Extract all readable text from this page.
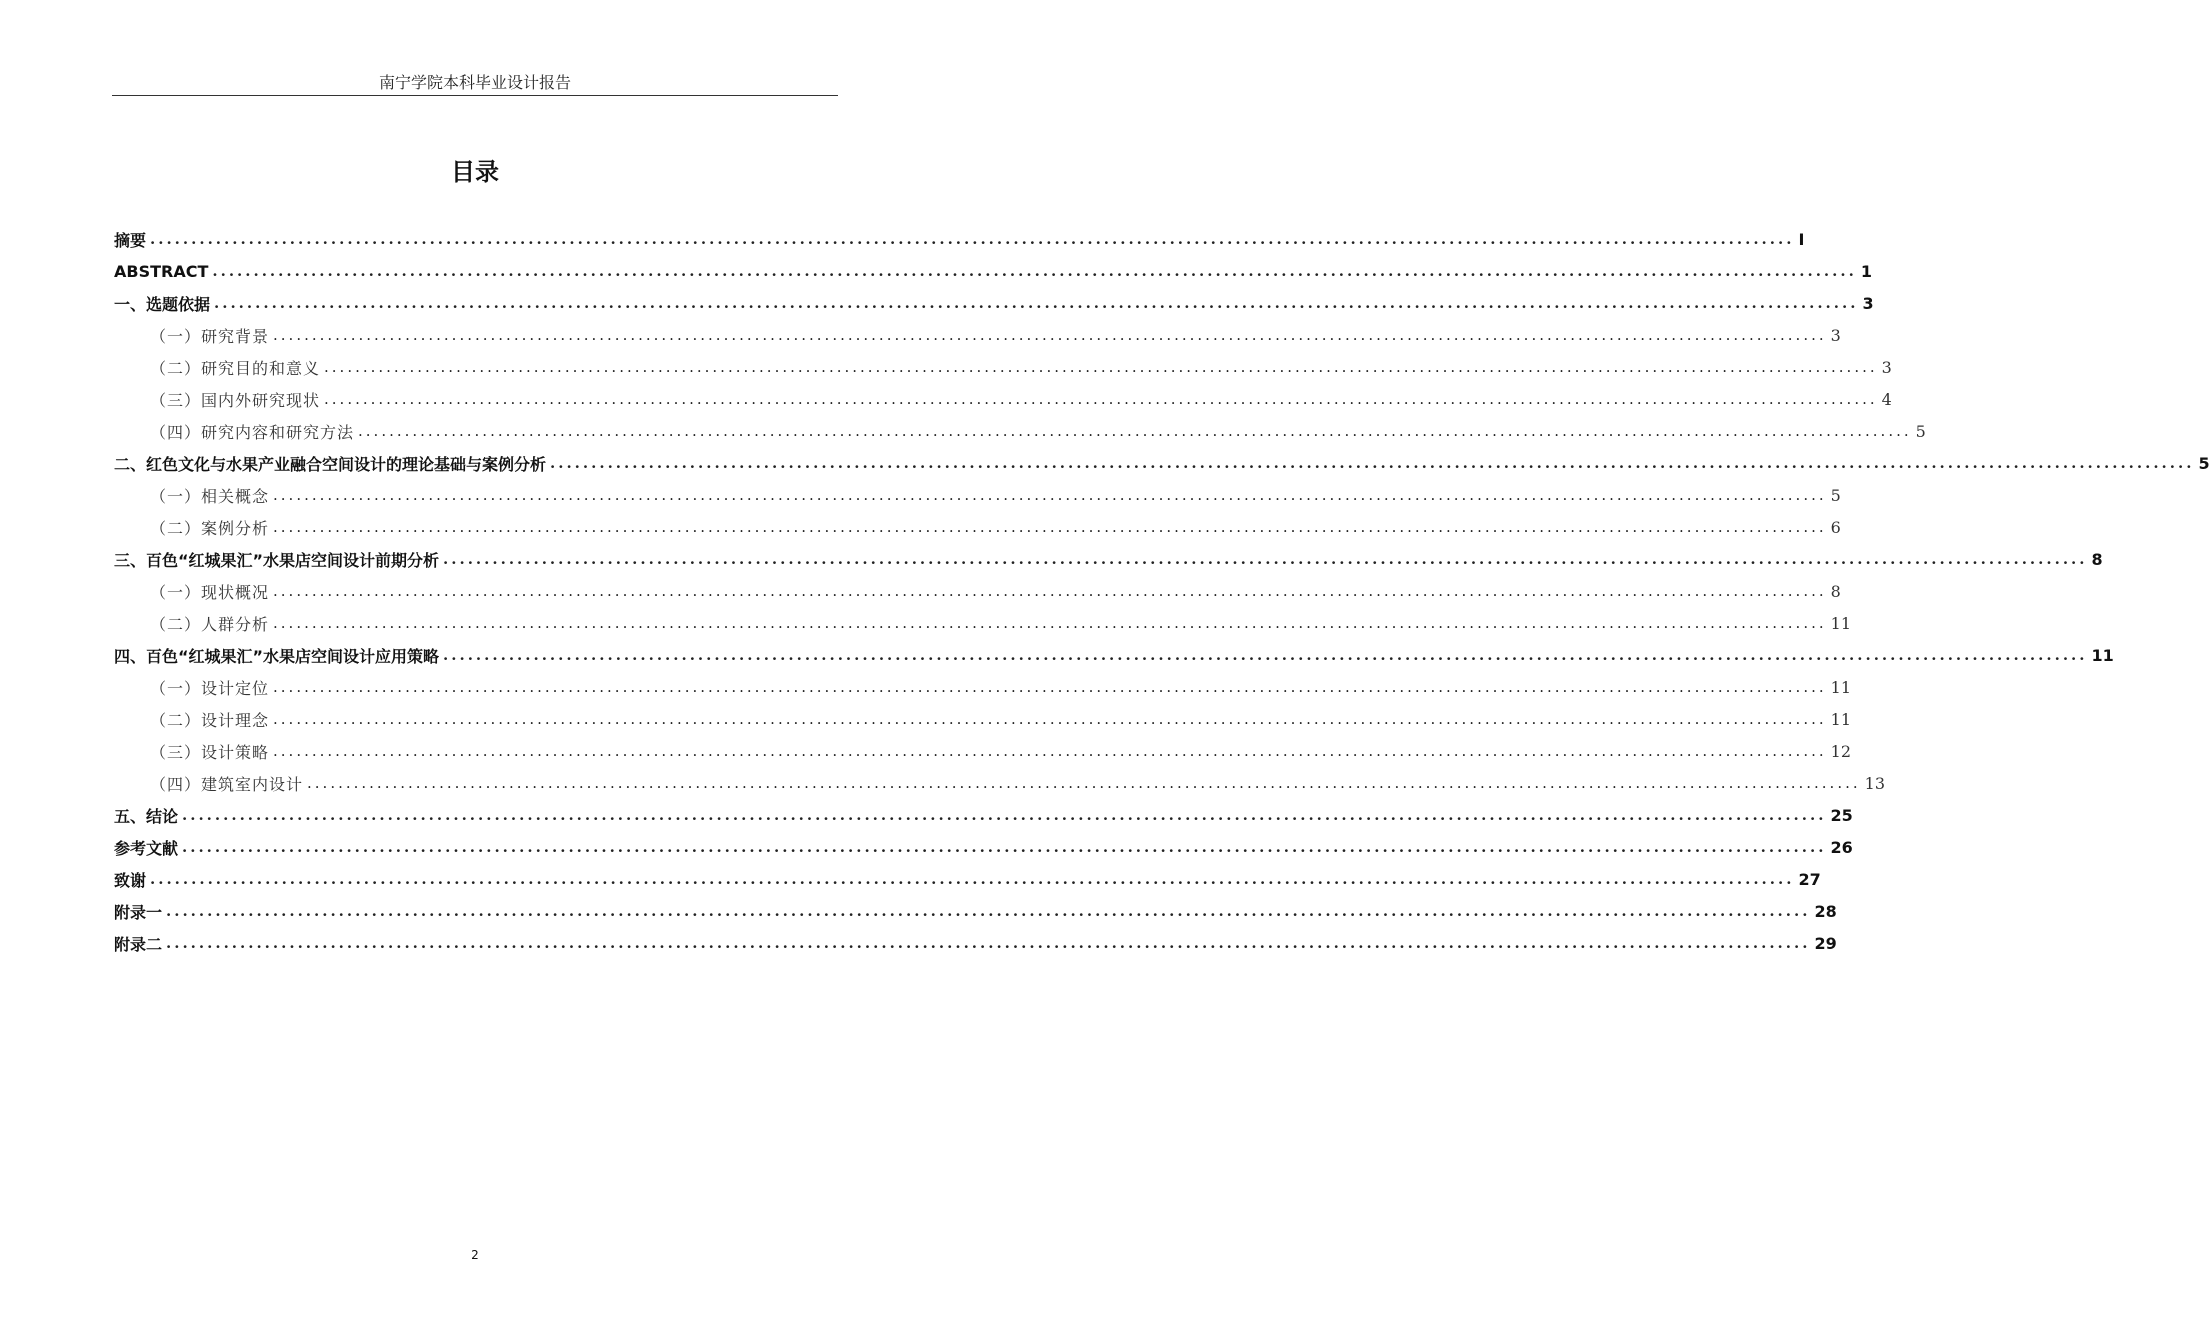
南宁学院本科毕业设计报告
目录
摘要 ........................................................................................................................................................................................................ I
ABSTRACT ........................................................................................................................................................................................................ 1
一、选题依据 ........................................................................................................................................................................................................ 3
（一）研究背景 ........................................................................................................................................................................................................ 3
（二）研究目的和意义 ........................................................................................................................................................................................................ 3
（三）国内外研究现状 ........................................................................................................................................................................................................ 4
（四）研究内容和研究方法 ........................................................................................................................................................................................................ 5
二、红色文化与水果产业融合空间设计的理论基础与案例分析 ........................................................................................................................................................................................................ 5
（一）相关概念 ........................................................................................................................................................................................................ 5
（二）案例分析 ........................................................................................................................................................................................................ 6
三、百色“红城果汇”水果店空间设计前期分析 ........................................................................................................................................................................................................ 8
（一）现状概况 ........................................................................................................................................................................................................ 8
（二）人群分析 ........................................................................................................................................................................................................ 11
四、百色“红城果汇”水果店空间设计应用策略 ........................................................................................................................................................................................................ 11
（一）设计定位 ........................................................................................................................................................................................................ 11
（二）设计理念 ........................................................................................................................................................................................................ 11
（三）设计策略 ........................................................................................................................................................................................................ 12
（四）建筑室内设计 ........................................................................................................................................................................................................ 13
五、结论 ........................................................................................................................................................................................................ 25
参考文献 ........................................................................................................................................................................................................ 26
致谢 ........................................................................................................................................................................................................ 27
附录一 ........................................................................................................................................................................................................ 28
附录二 ........................................................................................................................................................................................................ 29
2
